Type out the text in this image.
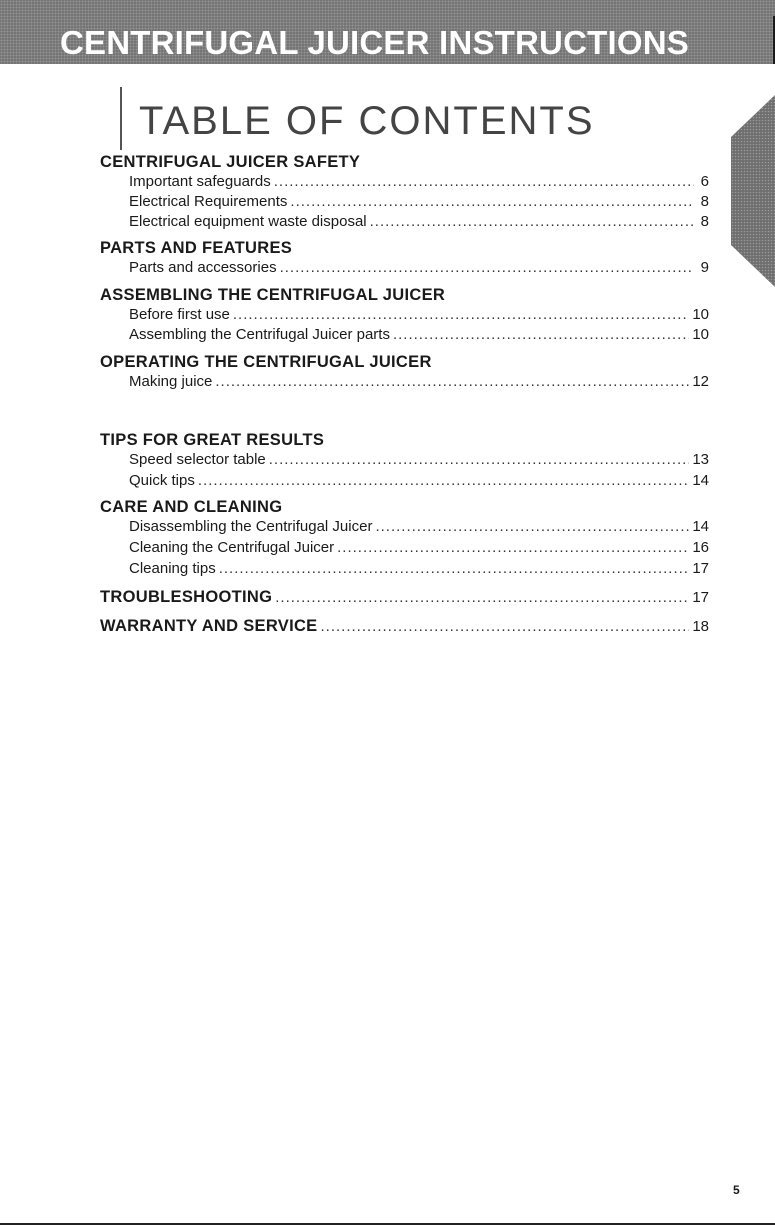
CENTRIFUGAL JUICER INSTRUCTIONS
TABLE OF CONTENTS
English
CENTRIFUGAL JUICER SAFETY
Important safeguards .....	6
Electrical Requirements .....	8
Electrical equipment waste disposal .....	8
PARTS AND FEATURES
Parts and accessories .....	9
ASSEMBLING THE CENTRIFUGAL JUICER
Before first use .....	10
Assembling the Centrifugal Juicer parts .....	10
OPERATING THE CENTRIFUGAL JUICER
Making juice .....	12
TIPS FOR GREAT RESULTS
Speed selector table .....	13
Quick tips .....	14
CARE AND CLEANING
Disassembling the Centrifugal Juicer .....	14
Cleaning the Centrifugal Juicer .....	16
Cleaning tips .....	17
TROUBLESHOOTING .....	17
WARRANTY AND SERVICE .....	18
5
